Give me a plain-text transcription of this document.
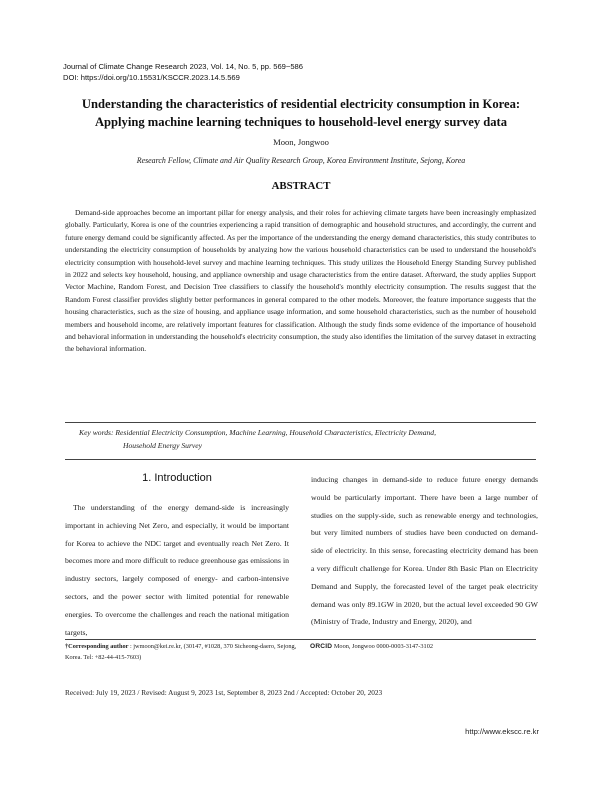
Journal of Climate Change Research 2023, Vol. 14, No. 5, pp. 569~586
DOI: https://doi.org/10.15531/KSCCR.2023.14.5.569
Understanding the characteristics of residential electricity consumption in Korea:
Applying machine learning techniques to household-level energy survey data
Moon, Jongwoo
Research Fellow, Climate and Air Quality Research Group, Korea Environment Institute, Sejong, Korea
ABSTRACT

Demand-side approaches become an important pillar for energy analysis, and their roles for achieving climate targets have been increasingly emphasized globally. Particularly, Korea is one of the countries experiencing a rapid transition of demographic and household structures, and accordingly, the current and future energy demand could be significantly affected. As per the importance of the understanding the energy demand characteristics, this study contributes to understanding the electricity consumption of households by analyzing how the various household characteristics can be used to understand the household's electricity consumption with household-level survey and machine learning techniques. This study utilizes the Household Energy Standing Survey published in 2022 and selects key household, housing, and appliance ownership and usage characteristics from the entire dataset. Afterward, the study applies Support Vector Machine, Random Forest, and Decision Tree classifiers to classify the household's monthly electricity consumption. The results suggest that the Random Forest classifier provides slightly better performances in general compared to the other models. Moreover, the feature importance suggests that the housing characteristics, such as the size of housing, and appliance usage information, and some household characteristics, such as the number of household members and household income, are relatively important features for classification. Although the study finds some evidence of the importance of household and behavioral information in understanding the household's electricity consumption, the study also identifies the limitation of the survey dataset in extracting the behavioral information.

Key words: Residential Electricity Consumption, Machine Learning, Household Characteristics, Electricity Demand,
Household Energy Survey
1. Introduction

The understanding of the energy demand-side is increasingly important in achieving Net Zero, and especially, it would be important for Korea to achieve the NDC target and eventually reach Net Zero. It becomes more and more difficult to reduce greenhouse gas emissions in industry sectors, largely composed of energy- and carbon-intensive sectors, and the power sector with limited potential for renewable energies. To overcome the challenges and reach the national mitigation targets,

inducing changes in demand-side to reduce future energy demands would be particularly important. There have been a large number of studies on the supply-side, such as renewable energy and technologies, but very limited numbers of studies have been conducted on demand-side of electricity. In this sense, forecasting electricity demand has been a very difficult challenge for Korea. Under 8th Basic Plan on Electricity Demand and Supply, the forecasted level of the target peak electricity demand was only 89.1GW in 2020, but the actual level exceeded 90 GW (Ministry of Trade, Industry and Energy, 2020), and

†Corresponding author : jwmoon@kei.re.kr, (30147, #1028, 370 Sicheong-daero, Sejong, Korea. Tel: +82-44-415-7603)
ORCID Moon, Jongwoo 0000-0003-3147-3102
Received: July 19, 2023 / Revised: August 9, 2023 1st, September 8, 2023 2nd / Accepted: October 20, 2023
http://www.ekscc.re.kr
